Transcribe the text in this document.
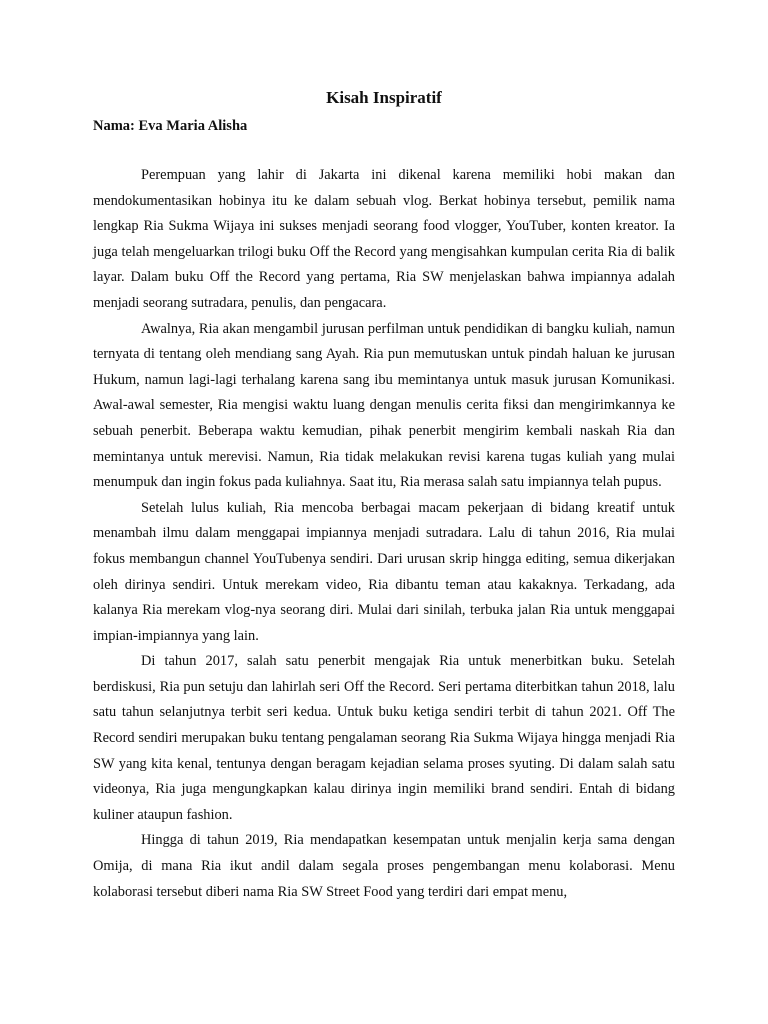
Kisah Inspiratif

Nama: Eva Maria Alisha

Perempuan yang lahir di Jakarta ini dikenal karena memiliki hobi makan dan mendokumentasikan hobinya itu ke dalam sebuah vlog. Berkat hobinya tersebut, pemilik nama lengkap Ria Sukma Wijaya ini sukses menjadi seorang food vlogger, YouTuber, konten kreator. Ia juga telah mengeluarkan trilogi buku Off the Record yang mengisahkan kumpulan cerita Ria di balik layar. Dalam buku Off the Record yang pertama, Ria SW menjelaskan bahwa impiannya adalah menjadi seorang sutradara, penulis, dan pengacara.

Awalnya, Ria akan mengambil jurusan perfilman untuk pendidikan di bangku kuliah, namun ternyata di tentang oleh mendiang sang Ayah. Ria pun memutuskan untuk pindah haluan ke jurusan Hukum, namun lagi-lagi terhalang karena sang ibu memintanya untuk masuk jurusan Komunikasi. Awal-awal semester, Ria mengisi waktu luang dengan menulis cerita fiksi dan mengirimkannya ke sebuah penerbit. Beberapa waktu kemudian, pihak penerbit mengirim kembali naskah Ria dan memintanya untuk merevisi. Namun, Ria tidak melakukan revisi karena tugas kuliah yang mulai menumpuk dan ingin fokus pada kuliahnya. Saat itu, Ria merasa salah satu impiannya telah pupus.

Setelah lulus kuliah, Ria mencoba berbagai macam pekerjaan di bidang kreatif untuk menambah ilmu dalam menggapai impiannya menjadi sutradara. Lalu di tahun 2016, Ria mulai fokus membangun channel YouTubenya sendiri. Dari urusan skrip hingga editing, semua dikerjakan oleh dirinya sendiri. Untuk merekam video, Ria dibantu teman atau kakaknya. Terkadang, ada kalanya Ria merekam vlog-nya seorang diri. Mulai dari sinilah, terbuka jalan Ria untuk menggapai impian-impiannya yang lain.

Di tahun 2017, salah satu penerbit mengajak Ria untuk menerbitkan buku. Setelah berdiskusi, Ria pun setuju dan lahirlah seri Off the Record. Seri pertama diterbitkan tahun 2018, lalu satu tahun selanjutnya terbit seri kedua. Untuk buku ketiga sendiri terbit di tahun 2021. Off The Record sendiri merupakan buku tentang pengalaman seorang Ria Sukma Wijaya hingga menjadi Ria SW yang kita kenal, tentunya dengan beragam kejadian selama proses syuting. Di dalam salah satu videonya, Ria juga mengungkapkan kalau dirinya ingin memiliki brand sendiri. Entah di bidang kuliner ataupun fashion.

Hingga di tahun 2019, Ria mendapatkan kesempatan untuk menjalin kerja sama dengan Omija, di mana Ria ikut andil dalam segala proses pengembangan menu kolaborasi. Menu kolaborasi tersebut diberi nama Ria SW Street Food yang terdiri dari empat menu,
